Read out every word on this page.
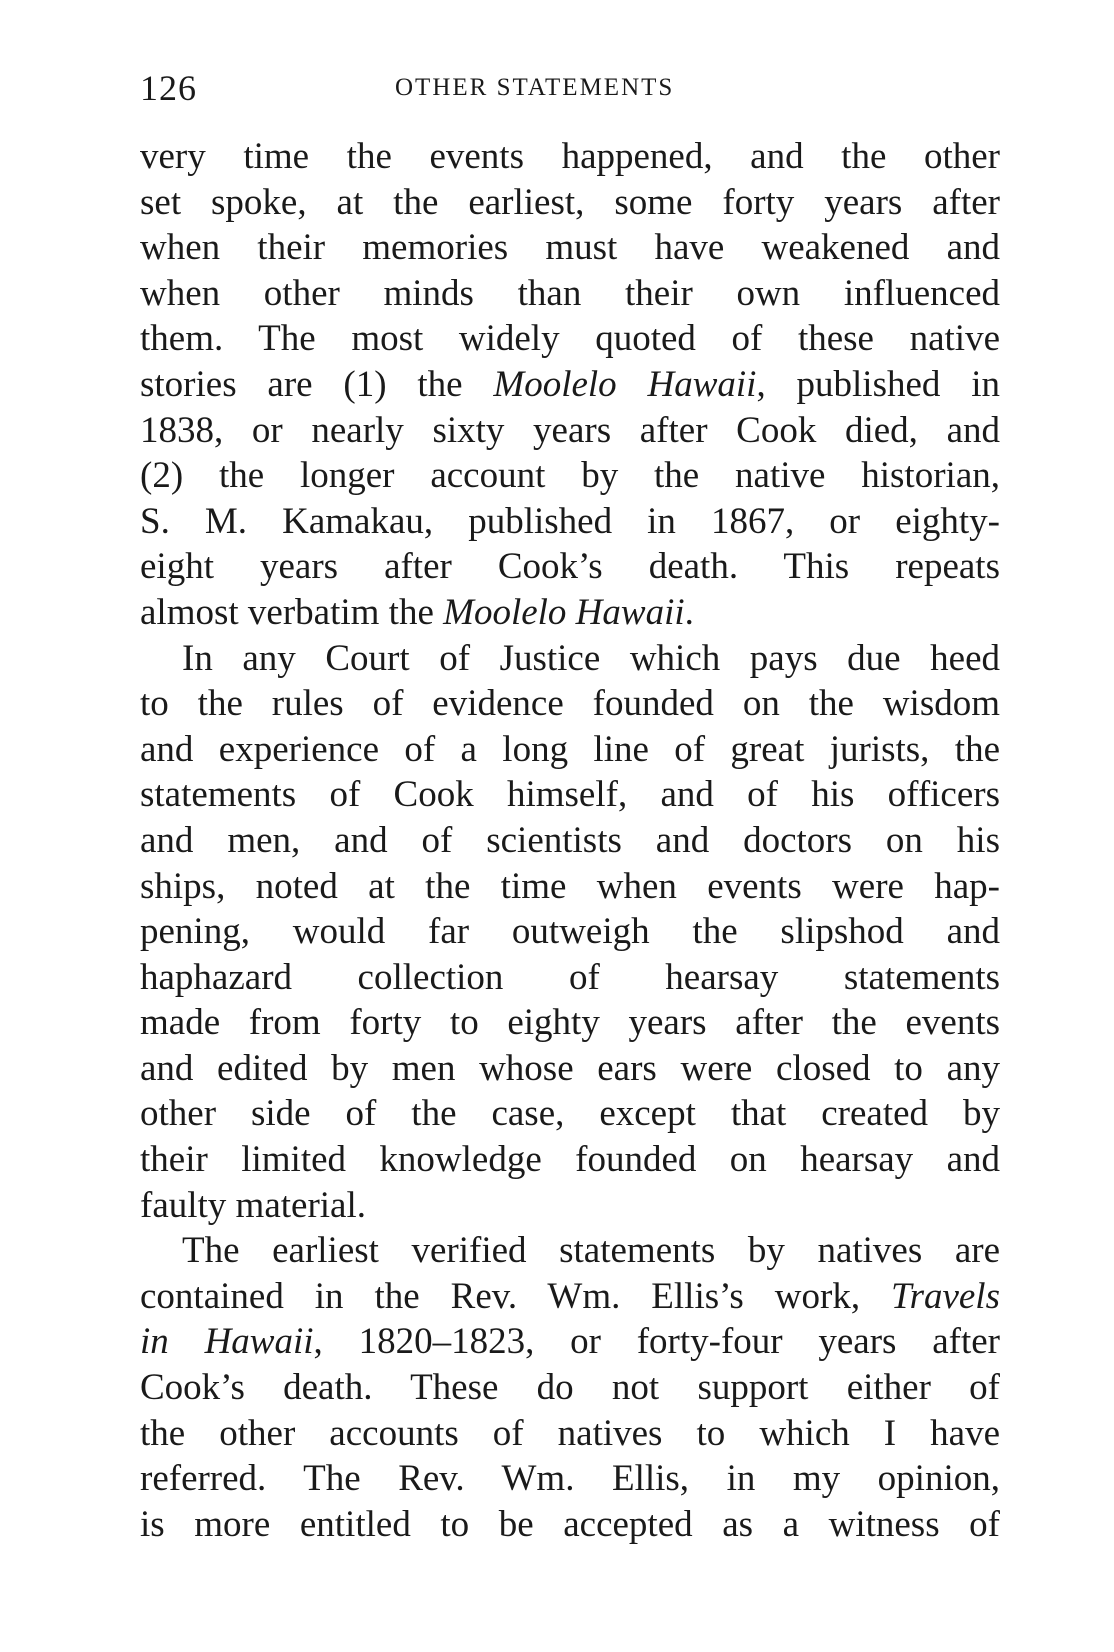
126	OTHER STATEMENTS
very time the events happened, and the other
set spoke, at the earliest, some forty years after
when their memories must have weakened and
when other minds than their own influenced
them. The most widely quoted of these native
stories are (1) the Moolelo Hawaii, published in
1838, or nearly sixty years after Cook died, and
(2) the longer account by the native historian,
S. M. Kamakau, published in 1867, or eighty-
eight years after Cook’s death. This repeats
almost verbatim the Moolelo Hawaii.
In any Court of Justice which pays due heed
to the rules of evidence founded on the wisdom
and experience of a long line of great jurists, the
statements of Cook himself, and of his officers
and men, and of scientists and doctors on his
ships, noted at the time when events were hap-
pening, would far outweigh the slipshod and
haphazard collection of hearsay statements
made from forty to eighty years after the events
and edited by men whose ears were closed to any
other side of the case, except that created by
their limited knowledge founded on hearsay and
faulty material.
The earliest verified statements by natives are
contained in the Rev. Wm. Ellis’s work, Travels
in Hawaii, 1820–1823, or forty-four years after
Cook’s death. These do not support either of
the other accounts of natives to which I have
referred. The Rev. Wm. Ellis, in my opinion,
is more entitled to be accepted as a witness of
